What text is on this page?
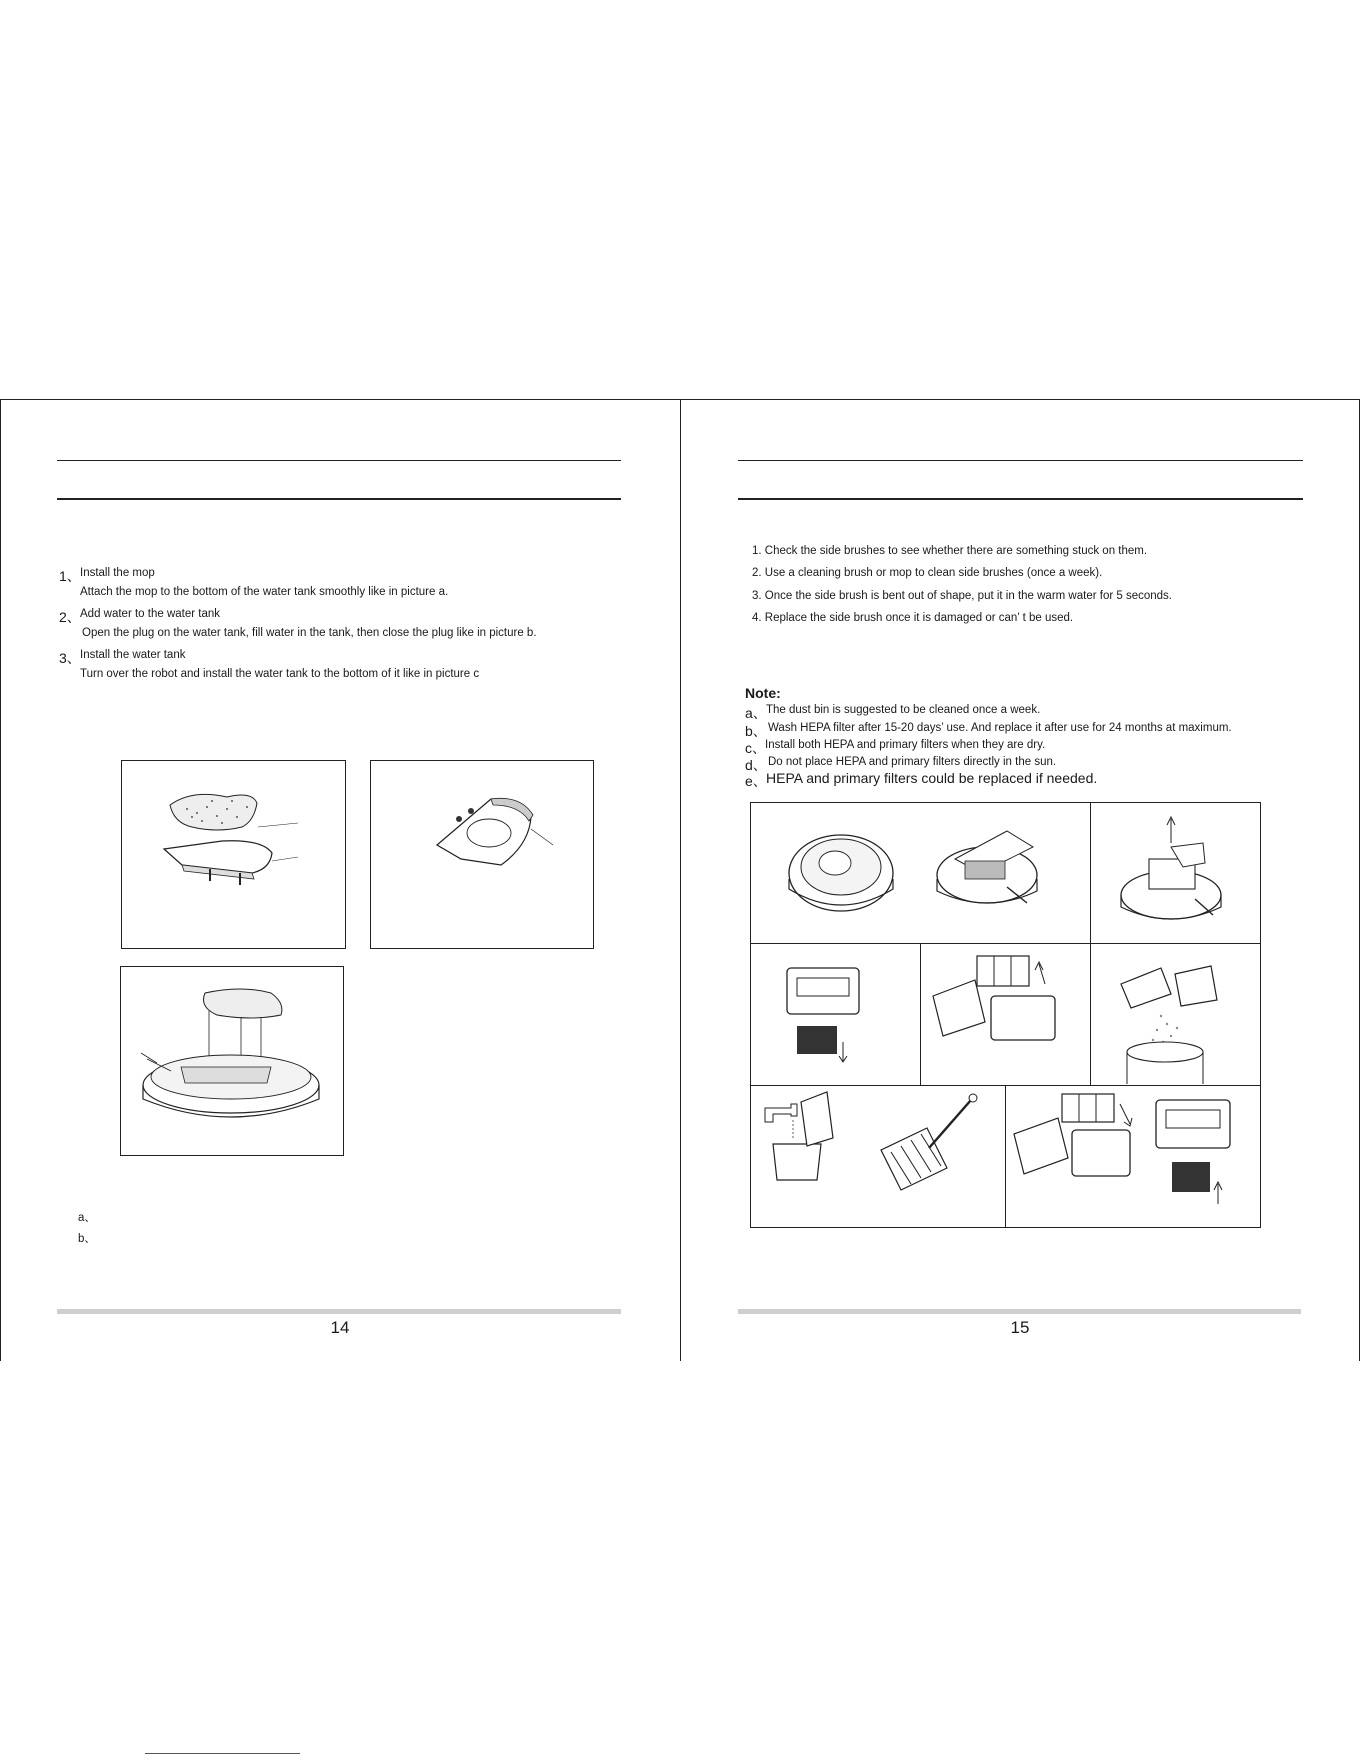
1、 Install the mop
Attach the mop to the bottom of the water tank smoothly like in picture a.
2、 Add water to the water tank
Open the plug on the water tank, fill water in the tank, then close the plug like in picture b.
3、 Install the water tank
Turn over the robot and install the water tank to the bottom of it like in picture c
a、
b、
14
1. Check the side brushes to see whether there are something stuck on them.
2. Use a cleaning brush or mop to clean side brushes (once a week).
3. Once the side brush is bent out of shape, put it in the warm water for 5 seconds.
4. Replace the side brush once it is damaged or can’ t be used.
Note:
a、 The dust bin is suggested to be cleaned once a week.
b、 Wash HEPA filter after 15-20 days’ use. And replace it after use for 24 months at maximum.
c、 Install both HEPA and primary filters when they are dry.
d、 Do not place HEPA and primary filters directly in the sun.
e、 HEPA and primary filters could be replaced if needed.
15
